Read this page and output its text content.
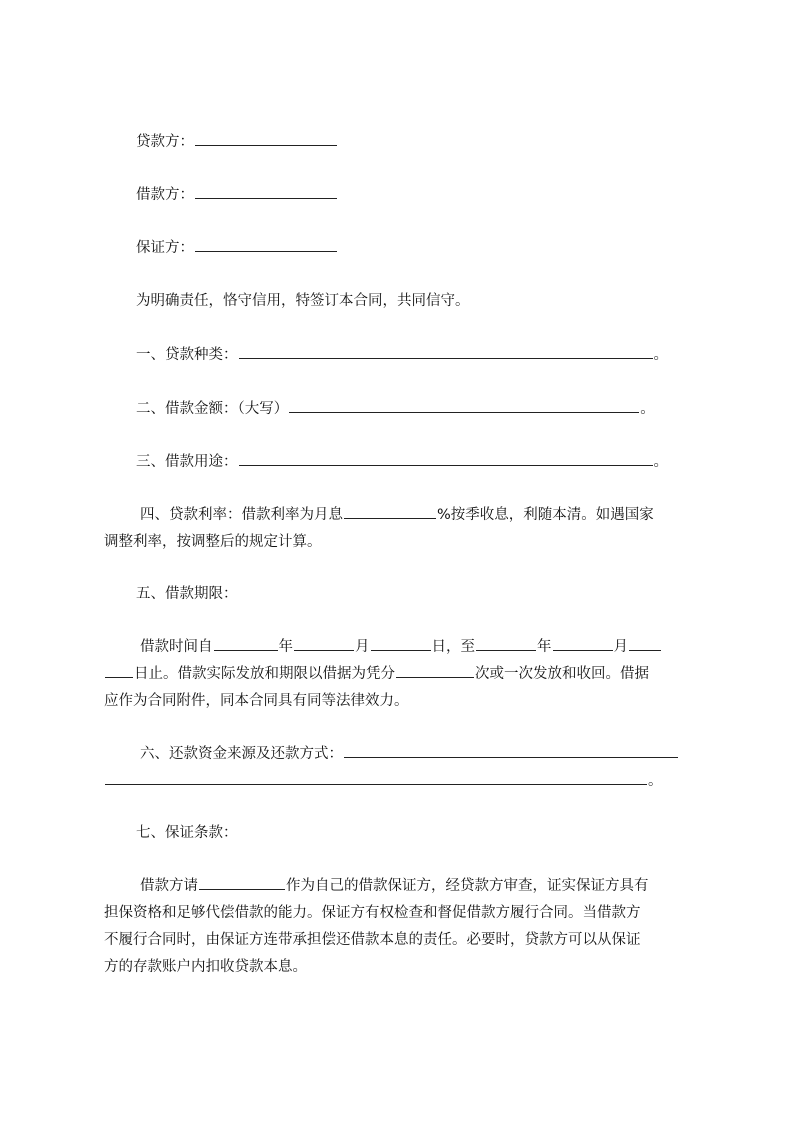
贷款方：
借款方：
保证方：
为明确责任，恪守信用，特签订本合同，共同信守。
一、贷款种类：	。
二、借款金额：（大写）	。
三、借款用途：	。
四、贷款利率：借款利率为月息	%按季收息，利随本清。如遇国家
调整利率，按调整后的规定计算。
五、借款期限：
借款时间自	年	月	日，至	年	月
日止。借款实际发放和期限以借据为凭分	次或一次发放和收回。借据
应作为合同附件，同本合同具有同等法律效力。
六、还款资金来源及还款方式：
。
七、保证条款：
借款方请	作为自己的借款保证方，经贷款方审查，证实保证方具有
担保资格和足够代偿借款的能力。保证方有权检查和督促借款方履行合同。当借款方
不履行合同时，由保证方连带承担偿还借款本息的责任。必要时，贷款方可以从保证
方的存款账户内扣收贷款本息。
